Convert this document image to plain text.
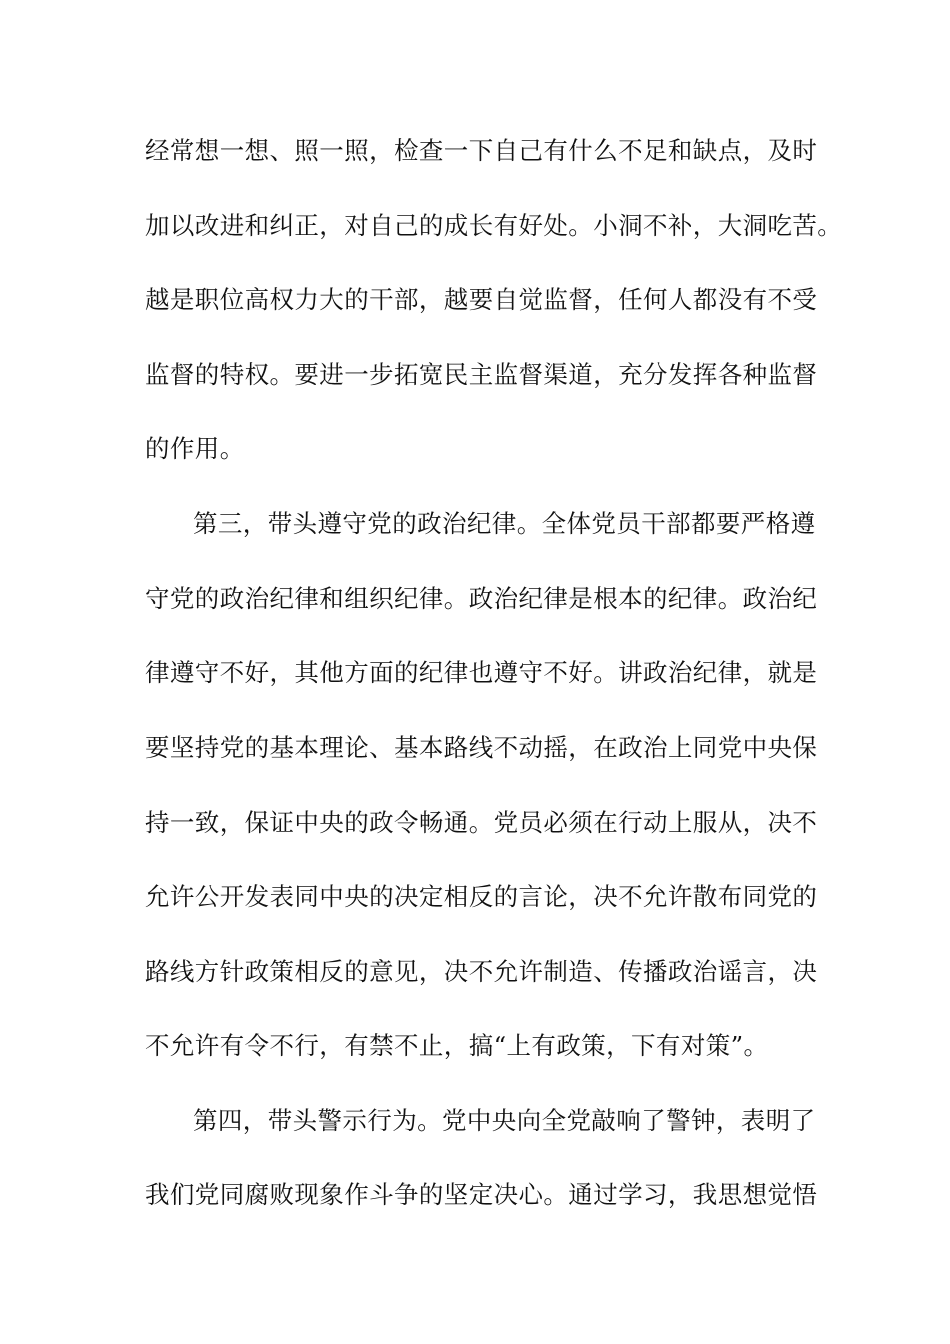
经常想一想、照一照，检查一下自己有什么不足和缺点，及时
加以改进和纠正，对自己的成长有好处。小洞不补，大洞吃苦。
越是职位高权力大的干部，越要自觉监督，任何人都没有不受
监督的特权。要进一步拓宽民主监督渠道，充分发挥各种监督
的作用。
第三，带头遵守党的政治纪律。全体党员干部都要严格遵
守党的政治纪律和组织纪律。政治纪律是根本的纪律。政治纪
律遵守不好，其他方面的纪律也遵守不好。讲政治纪律，就是
要坚持党的基本理论、基本路线不动摇，在政治上同党中央保
持一致，保证中央的政令畅通。党员必须在行动上服从，决不
允许公开发表同中央的决定相反的言论，决不允许散布同党的
路线方针政策相反的意见，决不允许制造、传播政治谣言，决
不允许有令不行，有禁不止，搞“上有政策，下有对策”。
第四，带头警示行为。党中央向全党敲响了警钟，表明了
我们党同腐败现象作斗争的坚定决心。通过学习，我思想觉悟
